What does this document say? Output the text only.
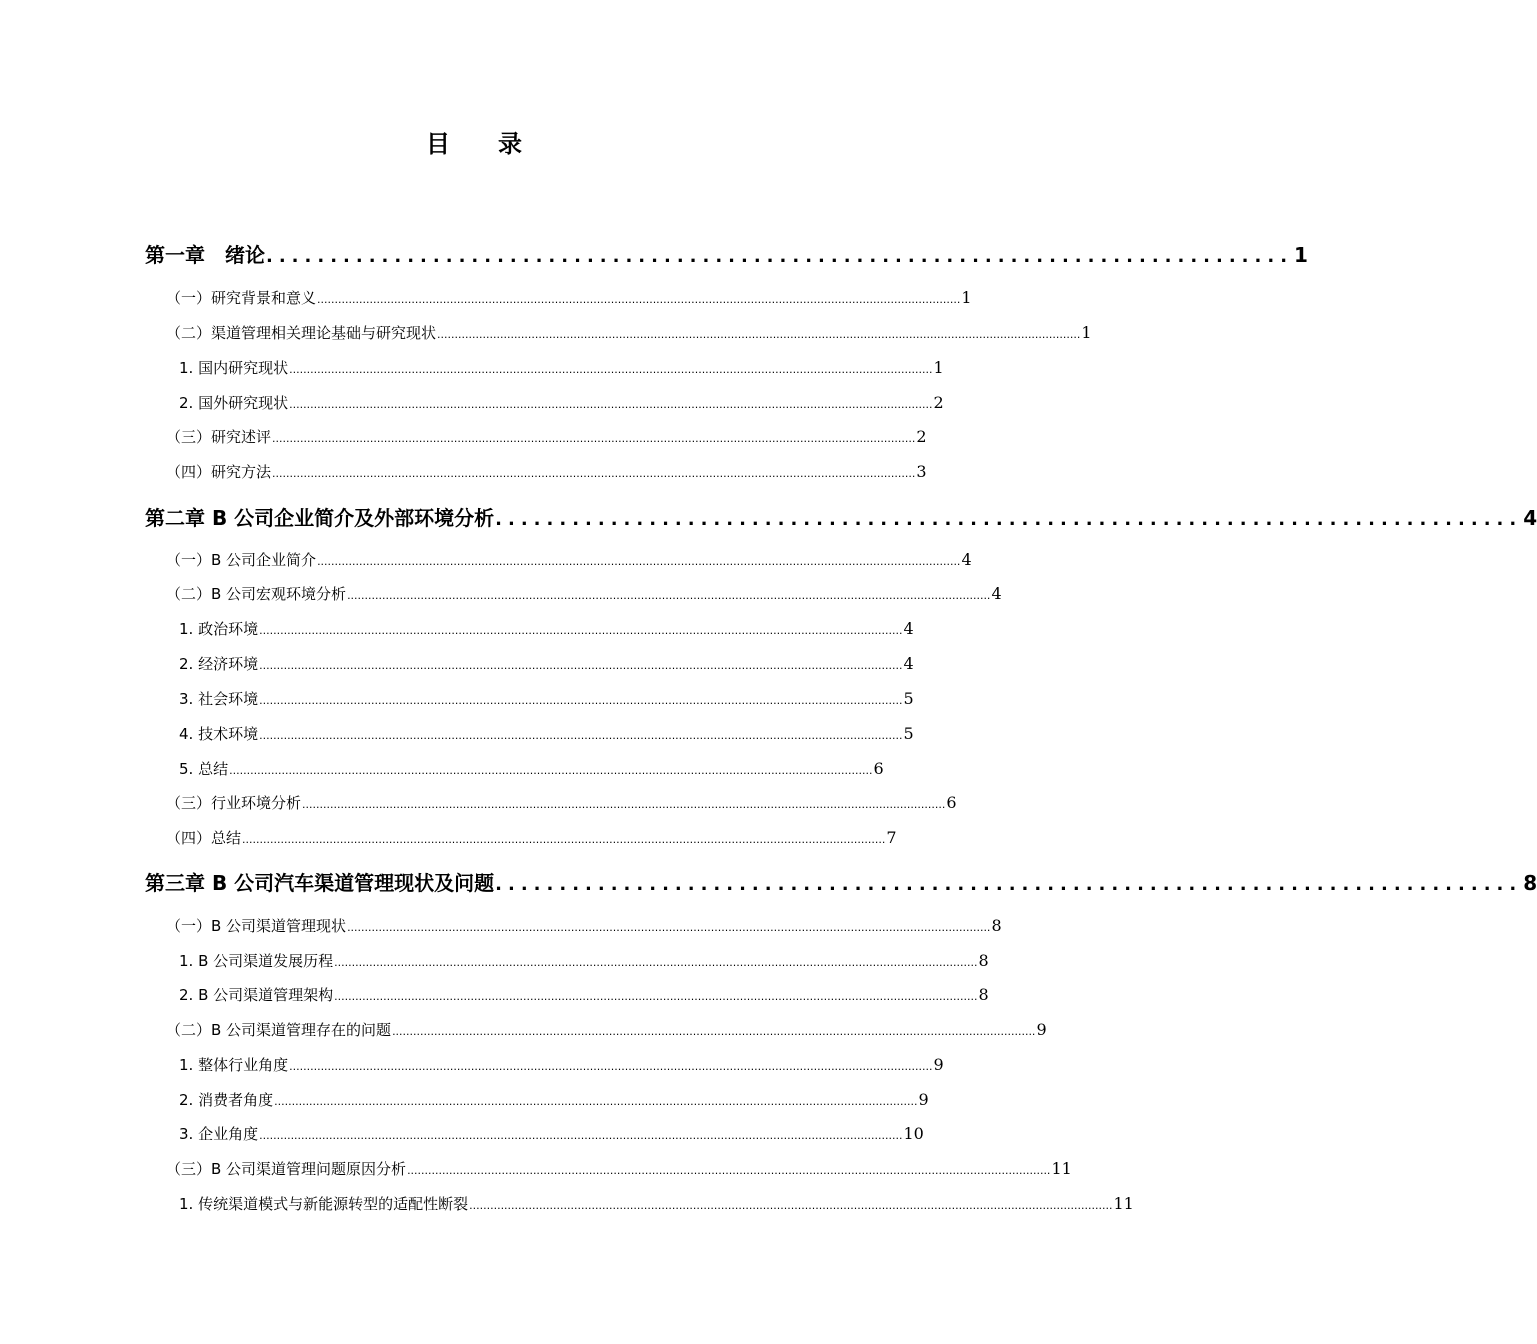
目 录
第一章　绪论 ................................................................................ 1
（一）研究背景和意义 ........................................................................................................................................................................................ 1
（二）渠道管理相关理论基础与研究现状 ........................................................................................................................................................................................ 1
1. 国内研究现状 ........................................................................................................................................................................................ 1
2. 国外研究现状 ........................................................................................................................................................................................ 2
（三）研究述评 ........................................................................................................................................................................................ 2
（四）研究方法 ........................................................................................................................................................................................ 3
第二章 B 公司企业简介及外部环境分析 ................................................................................ 4
（一）B 公司企业简介 ........................................................................................................................................................................................ 4
（二）B 公司宏观环境分析 ........................................................................................................................................................................................ 4
1. 政治环境 ........................................................................................................................................................................................ 4
2. 经济环境 ........................................................................................................................................................................................ 4
3. 社会环境 ........................................................................................................................................................................................ 5
4. 技术环境 ........................................................................................................................................................................................ 5
5. 总结 ........................................................................................................................................................................................ 6
（三）行业环境分析 ........................................................................................................................................................................................ 6
（四）总结 ........................................................................................................................................................................................ 7
第三章 B 公司汽车渠道管理现状及问题 ................................................................................ 8
（一）B 公司渠道管理现状 ........................................................................................................................................................................................ 8
1. B 公司渠道发展历程 ........................................................................................................................................................................................ 8
2. B 公司渠道管理架构 ........................................................................................................................................................................................ 8
（二）B 公司渠道管理存在的问题 ........................................................................................................................................................................................ 9
1. 整体行业角度 ........................................................................................................................................................................................ 9
2. 消费者角度 ........................................................................................................................................................................................ 9
3. 企业角度 ........................................................................................................................................................................................ 10
（三）B 公司渠道管理问题原因分析 ........................................................................................................................................................................................ 11
1. 传统渠道模式与新能源转型的适配性断裂 ........................................................................................................................................................................................ 11
